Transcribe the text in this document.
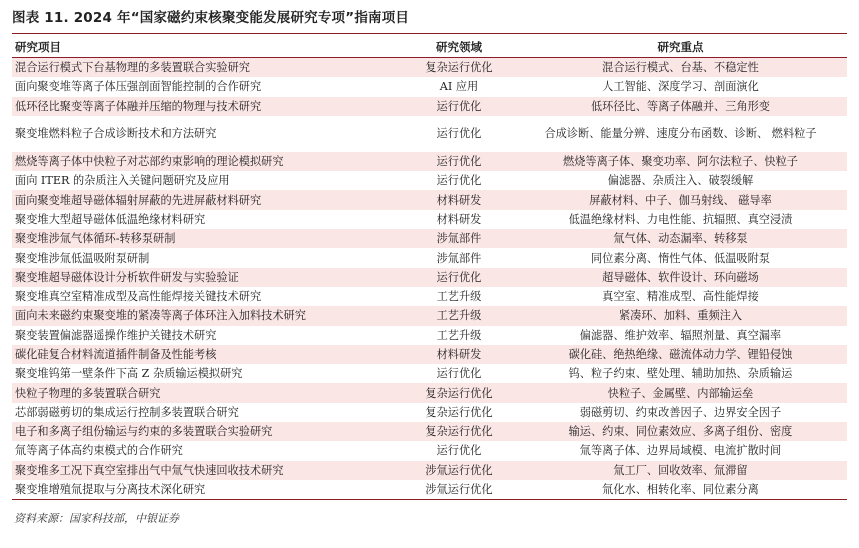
图表 11. 2024 年“国家磁约束核聚变能发展研究专项”指南项目
研究项目	研究领域	研究重点
混合运行模式下台基物理的多装置联合实验研究	复杂运行优化	混合运行模式、台基、不稳定性
面向聚变堆等离子体压强剖面智能控制的合作研究	AI 应用	人工智能、深度学习、剖面演化
低环径比聚变等离子体融并压缩的物理与技术研究	运行优化	低环径比、等离子体融并、三角形变
聚变堆燃料粒子合成诊断技术和方法研究	运行优化	合成诊断、能量分辨、速度分布函数、诊断、 燃料粒子
燃烧等离子体中快粒子对芯部约束影响的理论模拟研究	运行优化	燃烧等离子体、聚变功率、阿尔法粒子、快粒子
面向 ITER 的杂质注入关键问题研究及应用	运行优化	偏滤器、杂质注入、破裂缓解
面向聚变堆超导磁体辐射屏蔽的先进屏蔽材料研究	材料研发	屏蔽材料、中子、伽马射线、 磁导率
聚变堆大型超导磁体低温绝缘材料研究	材料研发	低温绝缘材料、力电性能、抗辐照、真空浸渍
聚变堆涉氚气体循环-转移泵研制	涉氚部件	氚气体、动态漏率、转移泵
聚变堆涉氚低温吸附泵研制	涉氚部件	同位素分离、惰性气体、低温吸附泵
聚变堆超导磁体设计分析软件研发与实验验证	运行优化	超导磁体、软件设计、环向磁场
聚变堆真空室精准成型及高性能焊接关键技术研究	工艺升级	真空室、精准成型、高性能焊接
面向未来磁约束聚变堆的紧凑等离子体环注入加料技术研究	工艺升级	紧凑环、加料、重频注入
聚变装置偏滤器遥操作维护关键技术研究	工艺升级	偏滤器、维护效率、辐照剂量、真空漏率
碳化硅复合材料流道插件制备及性能考核	材料研发	碳化硅、绝热绝缘、磁流体动力学、锂铅侵蚀
聚变堆钨第一壁条件下高 Z 杂质输运模拟研究	运行优化	钨、粒子约束、壁处理、辅助加热、杂质输运
快粒子物理的多装置联合研究	复杂运行优化	快粒子、金属壁、内部输运垒
芯部弱磁剪切的集成运行控制多装置联合研究	复杂运行优化	弱磁剪切、约束改善因子、边界安全因子
电子和多离子组份输运与约束的多装置联合实验研究	复杂运行优化	输运、约束、同位素效应、多离子组份、密度
氚等离子体高约束模式的合作研究	运行优化	氚等离子体、边界局域模、电流扩散时间
聚变堆多工况下真空室排出气中氚气快速回收技术研究	涉氚运行优化	氚工厂、回收效率、氚滞留
聚变堆增殖氚提取与分离技术深化研究	涉氚运行优化	氚化水、相转化率、同位素分离
资料来源：国家科技部，中银证券
